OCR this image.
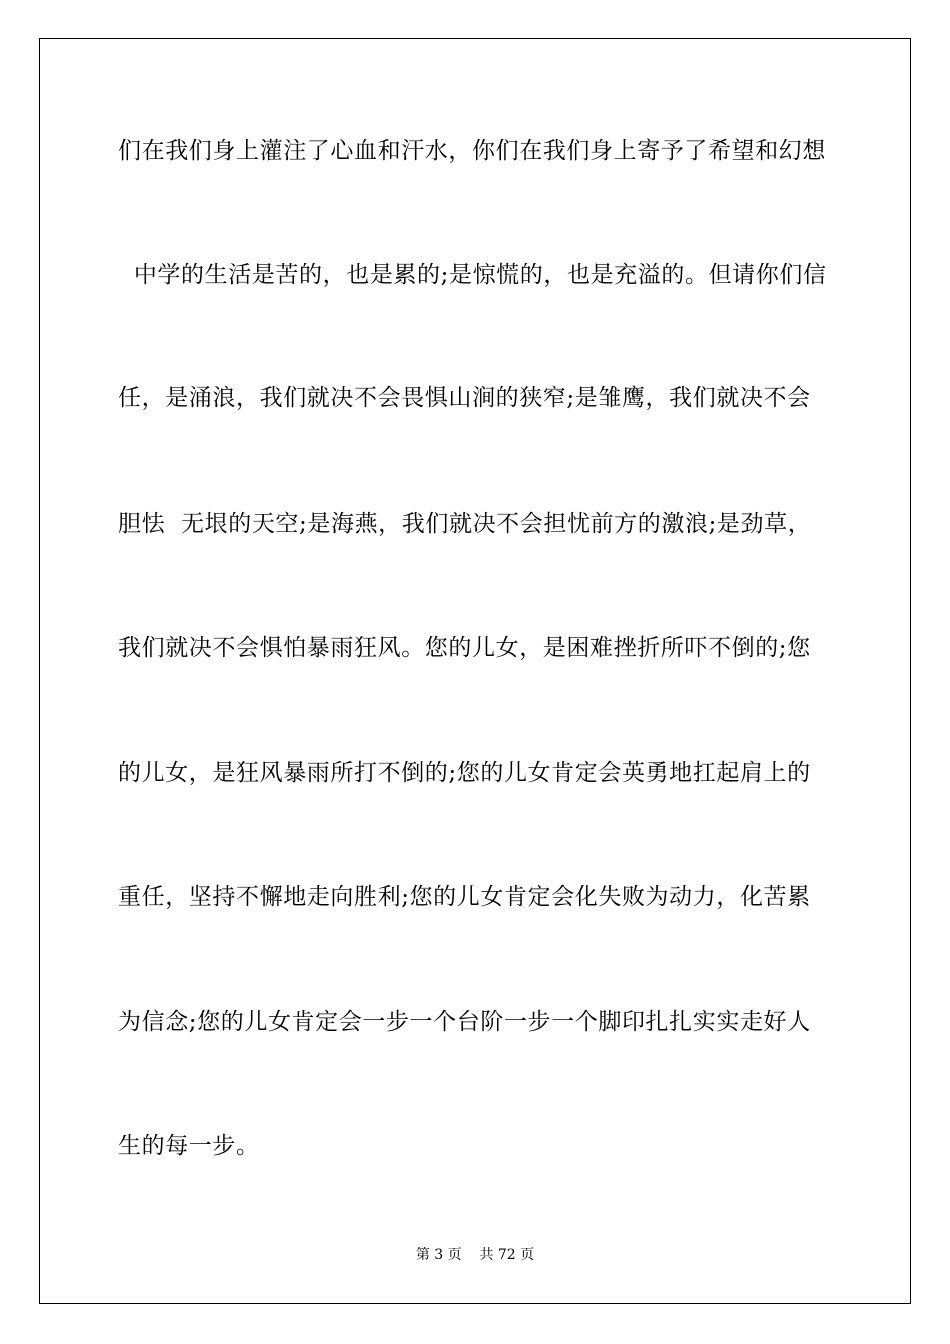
们在我们身上灌注了心血和汗水，你们在我们身上寄予了希望和幻想
中学的生活是苦的，也是累的;是惊慌的，也是充溢的。但请你们信
任，是涌浪，我们就决不会畏惧山涧的狭窄;是雏鹰，我们就决不会
胆怯  无垠的天空;是海燕，我们就决不会担忧前方的激浪;是劲草，
我们就决不会惧怕暴雨狂风。您的儿女，是困难挫折所吓不倒的;您
的儿女，是狂风暴雨所打不倒的;您的儿女肯定会英勇地扛起肩上的
重任，坚持不懈地走向胜利;您的儿女肯定会化失败为动力，化苦累
为信念;您的儿女肯定会一步一个台阶一步一个脚印扎扎实实走好人
生的每一步。
第 3 页 共 72 页
